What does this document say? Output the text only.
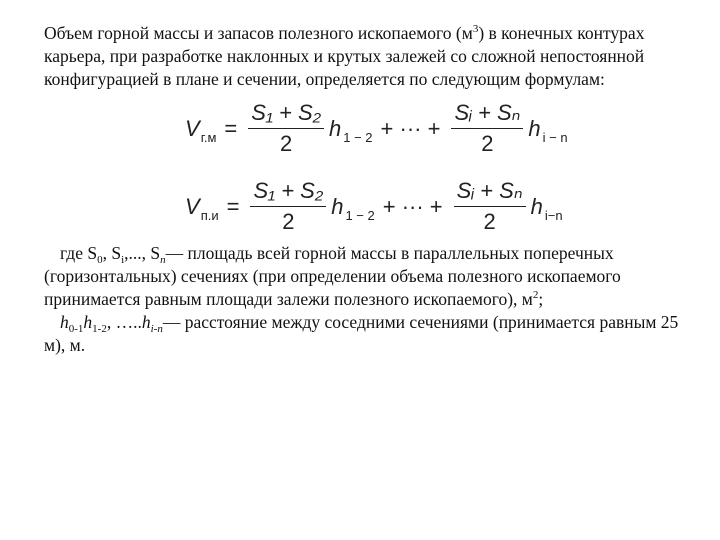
Объем горной массы и запасов полезного ископаемого $(м^3)$ в конечных контурах карьера, при разработке наклонных и крутых залежей со сложной непостоянной конфигурацией в плане и сечении, определяется по следующим формулам:

$V_{г.м} = \frac{\text{S₁ + S₂}}{2}$ h $_{1 - 2}$ + ··· + $\frac{\text{Sᵢ + Sₙ}}{2}$ h $_{i - n}$
$V_{п.и} = \frac{\text{S₁ + S₂}}{2}$ h $_{1 - 2}$ + ··· + $\frac{\text{Sᵢ + Sₙ}}{2}$ h $_{i-n}$

где $S_0$, $S_i$,..., $S_n—$ площадь всей горной массы в параллельных поперечных (горизонтальных) сечениях (при определении объема полезного ископаемого принимается равным площади залежи полезного ископаемого), $м^2$;

$h_{0-1}h_{1-2}$, $\dots..h_{i-n}—$ расстояние между соседними сечениями (принимается равным 25 м), м.
